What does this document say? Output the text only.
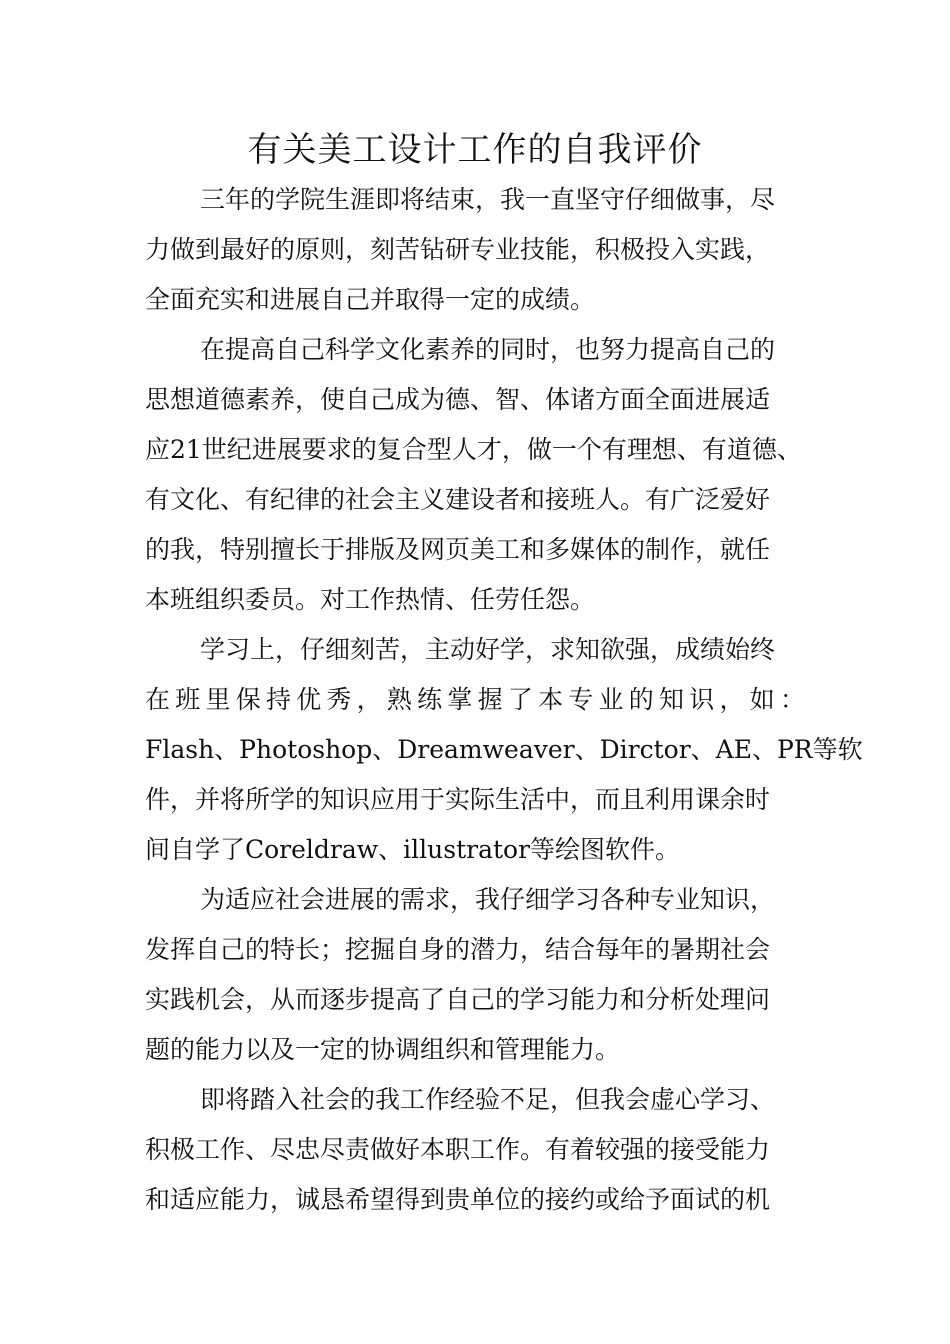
有关美工设计工作的自我评价
三年的学院生涯即将结束，我一直坚守仔细做事，尽
力做到最好的原则，刻苦钻研专业技能，积极投入实践，
全面充实和进展自己并取得一定的成绩。
在提高自己科学文化素养的同时，也努力提高自己的
思想道德素养，使自己成为德、智、体诸方面全面进展适
应21世纪进展要求的复合型人才，做一个有理想、有道德、
有文化、有纪律的社会主义建设者和接班人。有广泛爱好
的我，特别擅长于排版及网页美工和多媒体的制作，就任
本班组织委员。对工作热情、任劳任怨。
学习上，仔细刻苦，主动好学，求知欲强，成绩始终
在班里保持优秀，熟练掌握了本专业的知识，如：
Flash、Photoshop、Dreamweaver、Dirctor、AE、PR等软
件，并将所学的知识应用于实际生活中，而且利用课余时
间自学了Coreldraw、illustrator等绘图软件。
为适应社会进展的需求，我仔细学习各种专业知识，
发挥自己的特长；挖掘自身的潜力，结合每年的暑期社会
实践机会，从而逐步提高了自己的学习能力和分析处理问
题的能力以及一定的协调组织和管理能力。
即将踏入社会的我工作经验不足，但我会虚心学习、
积极工作、尽忠尽责做好本职工作。有着较强的接受能力
和适应能力，诚恳希望得到贵单位的接约或给予面试的机
